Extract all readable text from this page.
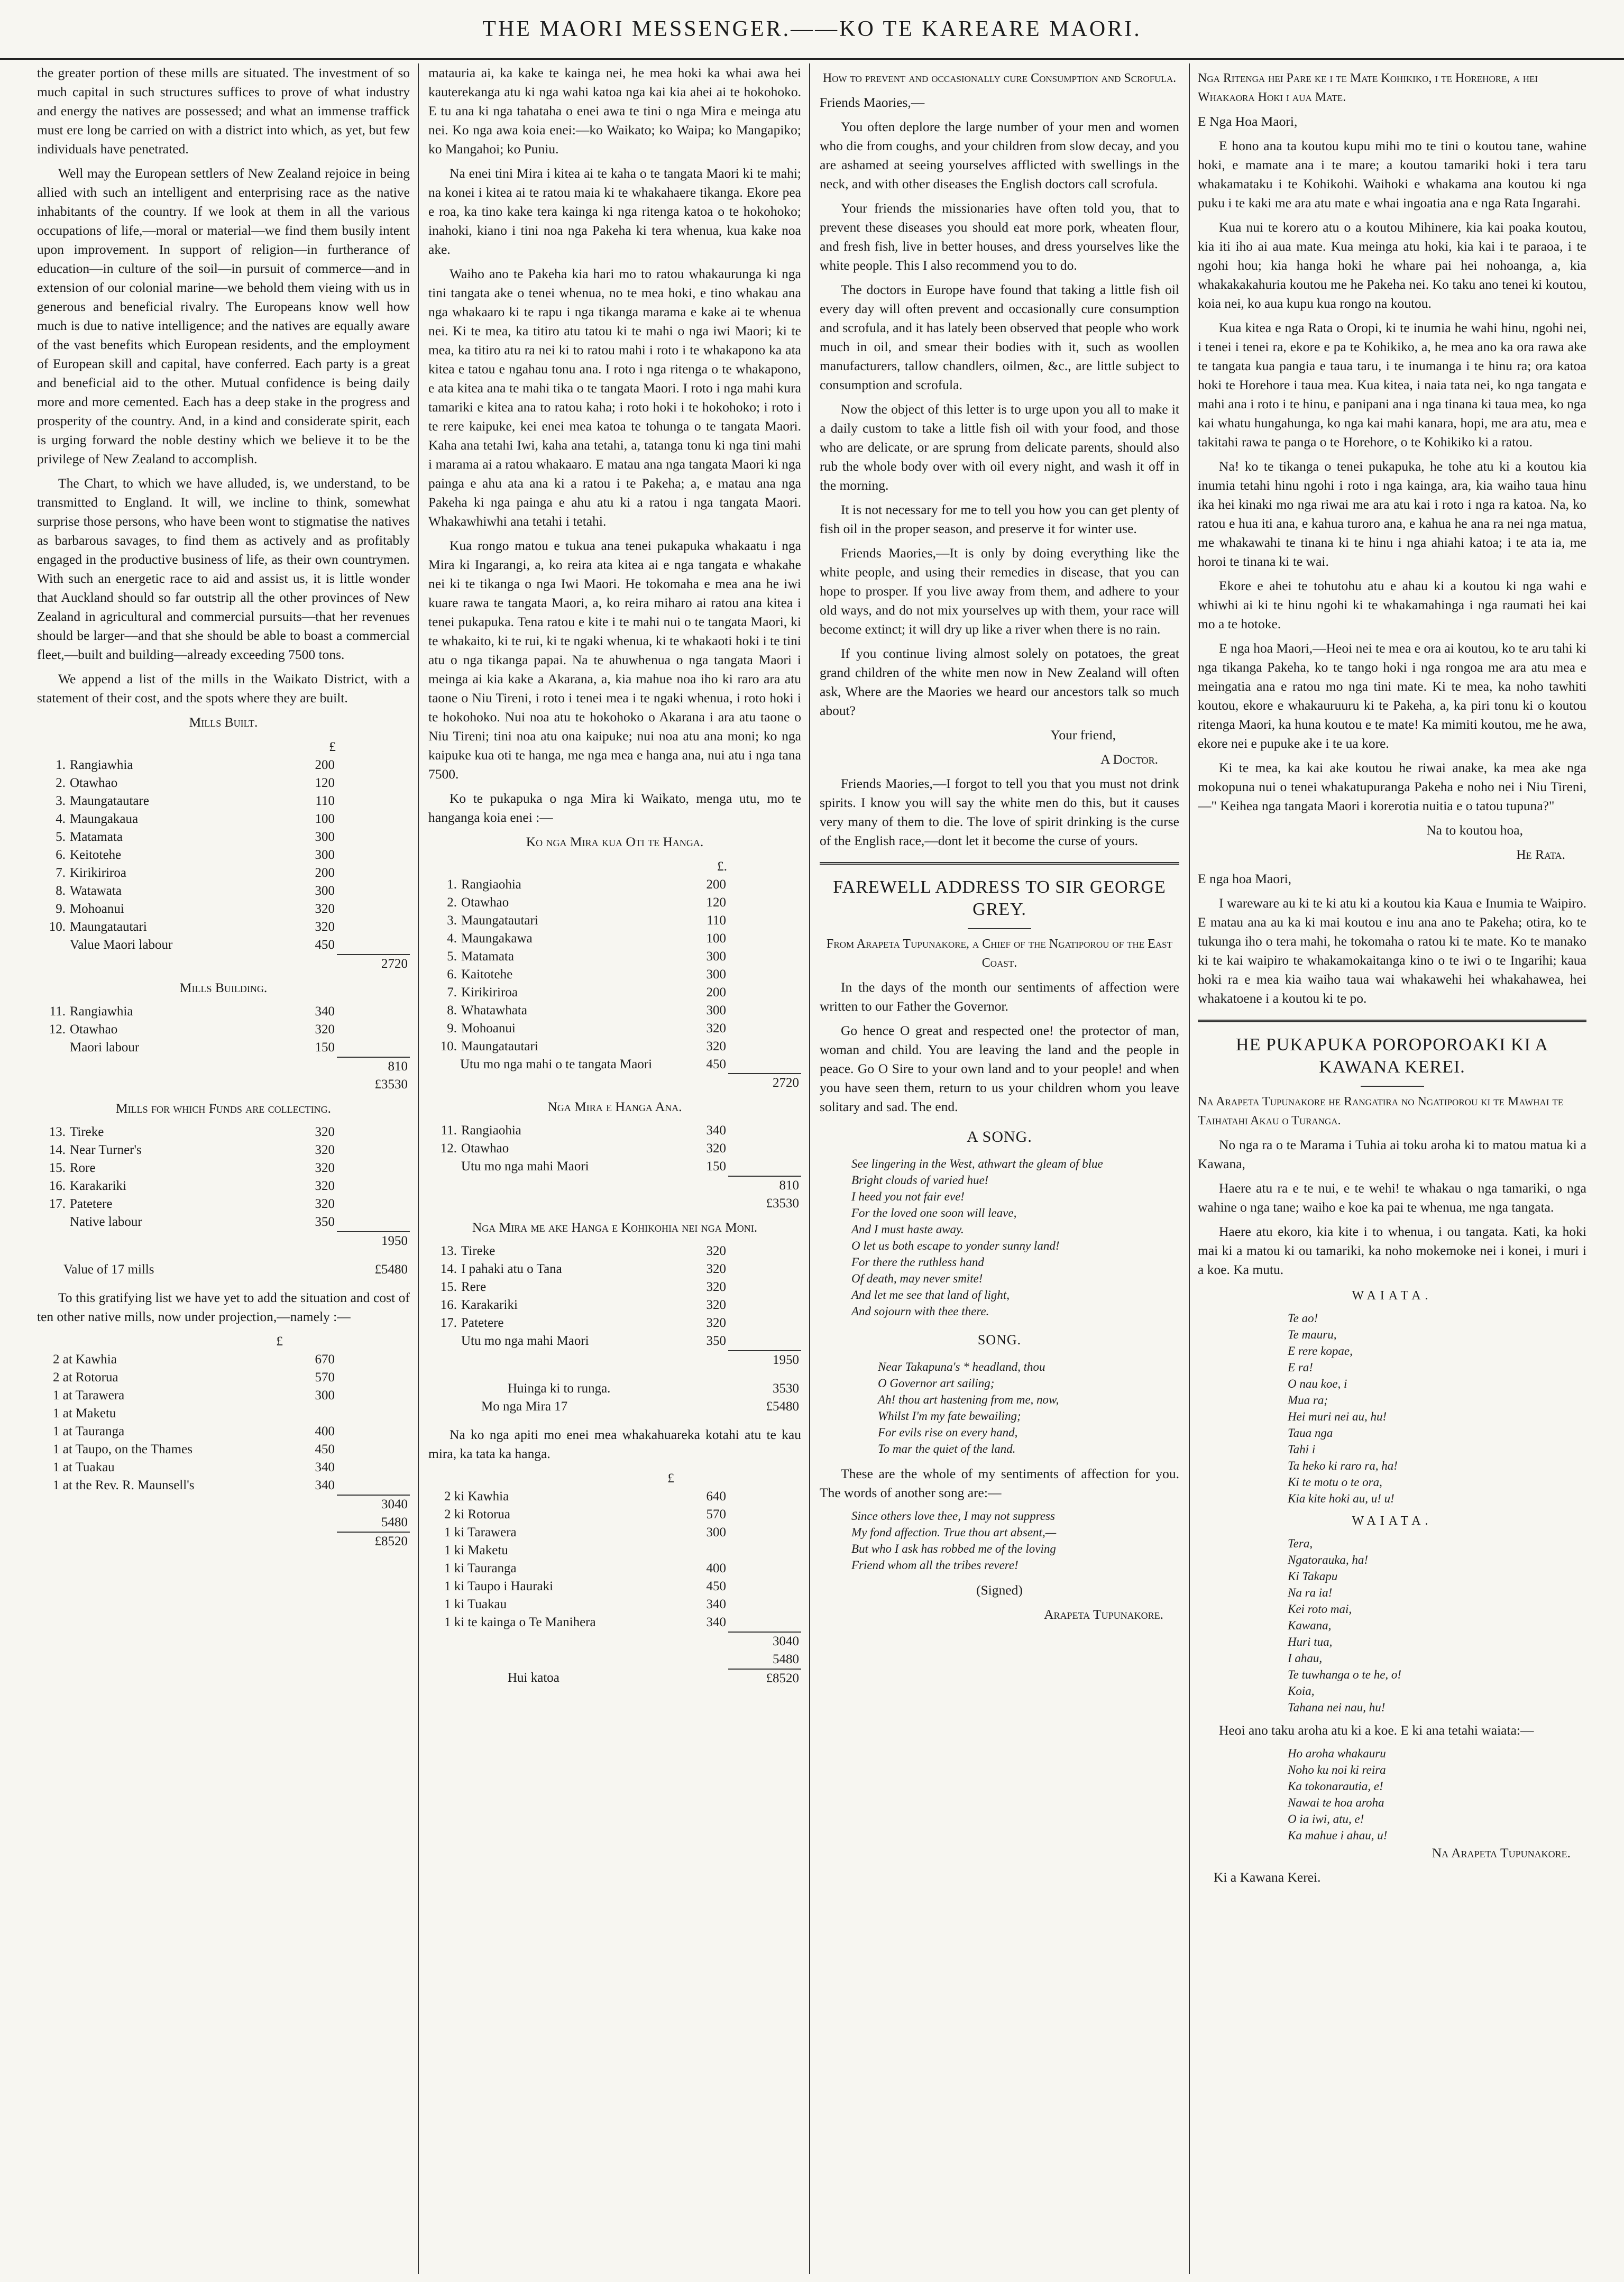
THE MAORI MESSENGER.——KO TE KAREARE MAORI.

the greater portion of these mills are situated. The investment of so much capital in such structures suffices to prove of what industry and energy the natives are possessed; and what an immense traffick must ere long be carried on with a district into which, as yet, but few individuals have penetrated.

Well may the European settlers of New Zealand rejoice in being allied with such an intelligent and enterprising race as the native inhabitants of the country. If we look at them in all the various occupations of life,—moral or material—we find them busily intent upon improvement. In support of religion—in furtherance of education—in culture of the soil—in pursuit of commerce—and in extension of our colonial marine—we behold them vieing with us in generous and beneficial rivalry. The Europeans know well how much is due to native intelligence; and the natives are equally aware of the vast benefits which European residents, and the employment of European skill and capital, have conferred. Each party is a great and beneficial aid to the other. Mutual confidence is being daily more and more cemented. Each has a deep stake in the progress and prosperity of the country. And, in a kind and considerate spirit, each is urging forward the noble destiny which we believe it to be the privilege of New Zealand to accomplish.

The Chart, to which we have alluded, is, we understand, to be transmitted to England. It will, we incline to think, somewhat surprise those persons, who have been wont to stigmatise the natives as barbarous savages, to find them as actively and as profitably engaged in the productive business of life, as their own countrymen. With such an energetic race to aid and assist us, it is little wonder that Auckland should so far outstrip all the other provinces of New Zealand in agricultural and commercial pursuits—that her revenues should be larger—and that she should be able to boast a commercial fleet,—built and building—already exceeding 7500 tons.

We append a list of the mills in the Waikato District, with a statement of their cost, and the spots where they are built.

Mills Built.
£
1.	Rangiawhia	200	
2.	Otawhao	120	
3.	Maungatautare	110	
4.	Maungakaua	100	
5.	Matamata	300	
6.	Keitotehe	300	
7.	Kirikiriroa	200	
8.	Watawata	300	
9.	Mohoanui	320	
10.	Maungatautari	320	
	Value Maori labour	450	
	2720
Mills Building.
11.	Rangiawhia	340	
12.	Otawhao	320	
	Maori labour	150	
	810
	£3530
Mills for which Funds are collecting.
13.	Tireke	320	
14.	Near Turner's	320	
15.	Rore	320	
16.	Karakariki	320	
17.	Patetere	320	
	Native labour	350	
	1950
Value of 17 mills	£5480

To this gratifying list we have yet to add the situation and cost of ten other native mills, now under projection,—namely :—

£
2 at Kawhia	670	
2 at Rotorua	570	
1 at Tarawera	300	
1 at Maketu		
1 at Tauranga	400	
1 at Taupo, on the Thames	450	
1 at Tuakau	340	
1 at the Rev. R. Maunsell's	340	
	3040
	5480
	£8520

matauria ai, ka kake te kainga nei, he mea hoki ka whai awa hei kauterekanga atu ki nga wahi katoa nga kai kia ahei ai te hokohoko. E tu ana ki nga tahataha o enei awa te tini o nga Mira e meinga atu nei. Ko nga awa koia enei:—ko Waikato; ko Waipa; ko Mangapiko; ko Mangahoi; ko Puniu.

Na enei tini Mira i kitea ai te kaha o te tangata Maori ki te mahi; na konei i kitea ai te ratou maia ki te whakahaere tikanga. Ekore pea e roa, ka tino kake tera kainga ki nga ritenga katoa o te hokohoko; inahoki, kiano i tini noa nga Pakeha ki tera whenua, kua kake noa ake.

Waiho ano te Pakeha kia hari mo to ratou whakaurunga ki nga tini tangata ake o tenei whenua, no te mea hoki, e tino whakau ana nga whakaaro ki te rapu i nga tikanga marama e kake ai te whenua nei. Ki te mea, ka titiro atu tatou ki te mahi o nga iwi Maori; ki te mea, ka titiro atu ra nei ki to ratou mahi i roto i te whakapono ka ata kitea e tatou e ngahau tonu ana. I roto i nga ritenga o te whakapono, e ata kitea ana te mahi tika o te tangata Maori. I roto i nga mahi kura tamariki e kitea ana to ratou kaha; i roto hoki i te hokohoko; i roto i te rere kaipuke, kei enei mea katoa te tohunga o te tangata Maori. Kaha ana tetahi Iwi, kaha ana tetahi, a, tatanga tonu ki nga tini mahi i marama ai a ratou whakaaro. E matau ana nga tangata Maori ki nga painga e ahu ata ana ki a ratou i te Pakeha; a, e matau ana nga Pakeha ki nga painga e ahu atu ki a ratou i nga tangata Maori. Whakawhiwhi ana tetahi i tetahi.

Kua rongo matou e tukua ana tenei pukapuka whakaatu i nga Mira ki Ingarangi, a, ko reira ata kitea ai e nga tangata e whakahe nei ki te tikanga o nga Iwi Maori. He tokomaha e mea ana he iwi kuare rawa te tangata Maori, a, ko reira miharo ai ratou ana kitea i tenei pukapuka. Tena ratou e kite i te mahi nui o te tangata Maori, ki te whakaito, ki te rui, ki te ngaki whenua, ki te whakaoti hoki i te tini atu o nga tikanga papai. Na te ahuwhenua o nga tangata Maori i meinga ai kia kake a Akarana, a, kia mahue noa iho ki raro ara atu taone o Niu Tireni, i roto i tenei mea i te ngaki whenua, i roto hoki i te hokohoko. Nui noa atu te hokohoko o Akarana i ara atu taone o Niu Tireni; tini noa atu ona kaipuke; nui noa atu ana moni; ko nga kaipuke kua oti te hanga, me nga mea e hanga ana, nui atu i nga tana 7500.

Ko te pukapuka o nga Mira ki Waikato, menga utu, mo te hanganga koia enei :—

Ko nga Mira kua Oti te Hanga.
£.
1.	Rangiaohia	200	
2.	Otawhao	120	
3.	Maungatautari	110	
4.	Maungakawa	100	
5.	Matamata	300	
6.	Kaitotehe	300	
7.	Kirikiriroa	200	
8.	Whatawhata	300	
9.	Mohoanui	320	
10.	Maungatautari	320	
Utu mo nga mahi o te tangata Maori	450	
		2720
Nga Mira e Hanga Ana.
11.	Rangiaohia	340	
12.	Otawhao	320	
	Utu mo nga mahi Maori	150	
	810
	£3530
Nga Mira me ake Hanga e Kohikohia nei nga Moni.
13.	Tireke	320	
14.	I pahaki atu o Tana	320	
15.	Rere	320	
16.	Karakariki	320	
17.	Patetere	320	
	Utu mo nga mahi Maori	350	
	1950
Huinga ki to runga.	3530
Mo nga Mira 17	£5480

Na ko nga apiti mo enei mea whakahuareka kotahi atu te kau mira, ka tata ka hanga.

£
2 ki Kawhia	640	
2 ki Rotorua	570	
1 ki Tarawera	300	
1 ki Maketu		
1 ki Tauranga	400	
1 ki Taupo i Hauraki	450	
1 ki Tuakau	340	
1 ki te kainga o Te Manihera	340	
	3040
	5480
Hui katoa	£8520
How to prevent and occasionally cure Consumption and Scrofula.

Friends Maories,—

You often deplore the large number of your men and women who die from coughs, and your children from slow decay, and you are ashamed at seeing yourselves afflicted with swellings in the neck, and with other diseases the English doctors call scrofula.

Your friends the missionaries have often told you, that to prevent these diseases you should eat more pork, wheaten flour, and fresh fish, live in better houses, and dress yourselves like the white people. This I also recommend you to do.

The doctors in Europe have found that taking a little fish oil every day will often prevent and occasionally cure consumption and scrofula, and it has lately been observed that people who work much in oil, and smear their bodies with it, such as woollen manufacturers, tallow chandlers, oilmen, &c., are little subject to consumption and scrofula.

Now the object of this letter is to urge upon you all to make it a daily custom to take a little fish oil with your food, and those who are delicate, or are sprung from delicate parents, should also rub the whole body over with oil every night, and wash it off in the morning.

It is not necessary for me to tell you how you can get plenty of fish oil in the proper season, and preserve it for winter use.

Friends Maories,—It is only by doing everything like the white people, and using their remedies in disease, that you can hope to prosper. If you live away from them, and adhere to your old ways, and do not mix yourselves up with them, your race will become extinct; it will dry up like a river when there is no rain.

If you continue living almost solely on potatoes, the great grand children of the white men now in New Zealand will often ask, Where are the Maories we heard our ancestors talk so much about?

Your friend,

A Doctor.

Friends Maories,—I forgot to tell you that you must not drink spirits. I know you will say the white men do this, but it causes very many of them to die. The love of spirit drinking is the curse of the English race,—dont let it become the curse of yours.

FAREWELL ADDRESS TO SIR GEORGE GREY.
From Arapeta Tupunakore, a Chief of the Ngatiporou of the East Coast.

In the days of the month our sentiments of affection were written to our Father the Governor.

Go hence O great and respected one! the protector of man, woman and child. You are leaving the land and the people in peace. Go O Sire to your own land and to your people! and when you have seen them, return to us your children whom you leave solitary and sad. The end.

A SONG.
See lingering in the West, athwart the gleam of blue
Bright clouds of varied hue!
I heed you not fair eve!
For the loved one soon will leave,
And I must haste away.
O let us both escape to yonder sunny land!
For there the ruthless hand
Of death, may never smite!
And let me see that land of light,
And sojourn with thee there.
SONG.
Near Takapuna's * headland, thou
O Governor art sailing;
Ah! thou art hastening from me, now,
Whilst I'm my fate bewailing;
For evils rise on every hand,
To mar the quiet of the land.

These are the whole of my sentiments of affection for you. The words of another song are:—

Since others love thee, I may not suppress
My fond affection. True thou art absent,—
But who I ask has robbed me of the loving
Friend whom all the tribes revere!

(Signed)

Arapeta Tupunakore.

Nga Ritenga hei Pare ke i te Mate Kohikiko, i te Horehore, a hei Whakaora Hoki i aua Mate.

E Nga Hoa Maori,

E hono ana ta koutou kupu mihi mo te tini o koutou tane, wahine hoki, e mamate ana i te mare; a koutou tamariki hoki i tera taru whakamataku i te Kohikohi. Waihoki e whakama ana koutou ki nga puku i te kaki me ara atu mate e whai ingoatia ana e nga Rata Ingarahi.

Kua nui te korero atu o a koutou Mihinere, kia kai poaka koutou, kia iti iho ai aua mate. Kua meinga atu hoki, kia kai i te paraoa, i te ngohi hou; kia hanga hoki he whare pai hei nohoanga, a, kia whakakakahuria koutou me he Pakeha nei. Ko taku ano tenei ki koutou, koia nei, ko aua kupu kua rongo na koutou.

Kua kitea e nga Rata o Oropi, ki te inumia he wahi hinu, ngohi nei, i tenei i tenei ra, ekore e pa te Kohikiko, a, he mea ano ka ora rawa ake te tangata kua pangia e taua taru, i te inumanga i te hinu ra; ora katoa hoki te Horehore i taua mea. Kua kitea, i naia tata nei, ko nga tangata e mahi ana i roto i te hinu, e panipani ana i nga tinana ki taua mea, ko nga kai whatu hungahunga, ko nga kai mahi kanara, hopi, me ara atu, mea e takitahi rawa te panga o te Horehore, o te Kohikiko ki a ratou.

Na! ko te tikanga o tenei pukapuka, he tohe atu ki a koutou kia inumia tetahi hinu ngohi i roto i nga kainga, ara, kia waiho taua hinu ika hei kinaki mo nga riwai me ara atu kai i roto i nga ra katoa. Na, ko ratou e hua iti ana, e kahua turoro ana, e kahua he ana ra nei nga matua, me whakawahi te tinana ki te hinu i nga ahiahi katoa; i te ata ia, me horoi te tinana ki te wai.

Ekore e ahei te tohutohu atu e ahau ki a koutou ki nga wahi e whiwhi ai ki te hinu ngohi ki te whakamahinga i nga raumati hei kai mo a te hotoke.

E nga hoa Maori,—Heoi nei te mea e ora ai koutou, ko te aru tahi ki nga tikanga Pakeha, ko te tango hoki i nga rongoa me ara atu mea e meingatia ana e ratou mo nga tini mate. Ki te mea, ka noho tawhiti koutou, ekore e whakauruuru ki te Pakeha, a, ka piri tonu ki o koutou ritenga Maori, ka huna koutou e te mate! Ka mimiti koutou, me he awa, ekore nei e pupuke ake i te ua kore.

Ki te mea, ka kai ake koutou he riwai anake, ka mea ake nga mokopuna nui o tenei whakatupuranga Pakeha e noho nei i Niu Tireni,—" Keihea nga tangata Maori i korerotia nuitia e o tatou tupuna?"

Na to koutou hoa,

He Rata.

E nga hoa Maori,

I wareware au ki te ki atu ki a koutou kia Kaua e Inumia te Waipiro. E matau ana au ka ki mai koutou e inu ana ano te Pakeha; otira, ko te tukunga iho o tera mahi, he tokomaha o ratou ki te mate. Ko te manako ki te kai waipiro te whakamokaitanga kino o te iwi o te Ingarihi; kaua hoki ra e mea kia waiho taua wai whakawehi hei whakahawea, hei whakatoene i a koutou ki te po.

HE PUKAPUKA POROPOROAKI KI A KAWANA KEREI.
Na Arapeta Tupunakore he Rangatira no Ngatiporou ki te Mawhai te Taihatahi Akau o Turanga.

No nga ra o te Marama i Tuhia ai toku aroha ki to matou matua ki a Kawana,

Haere atu ra e te nui, e te wehi! te whakau o nga tamariki, o nga wahine o nga tane; waiho e koe ka pai te whenua, me nga tangata.

Haere atu ekoro, kia kite i to whenua, i ou tangata. Kati, ka hoki mai ki a matou ki ou tamariki, ka noho mokemoke nei i konei, i muri i a koe. Ka mutu.

WAIATA.
Te ao!
Te mauru,
E rere kopae,
E ra!
O nau koe, i
Mua ra;
Hei muri nei au, hu!
Taua nga
Tahi i
Ta heko ki raro ra, ha!
Ki te motu o te ora,
Kia kite hoki au, u! u!
WAIATA.
Tera,
Ngatorauka, ha!
Ki Takapu
Na ra ia!
Kei roto mai,
Kawana,
Huri tua,
I ahau,
Te tuwhanga o te he, o!
Koia,
Tahana nei nau, hu!

Heoi ano taku aroha atu ki a koe. E ki ana tetahi waiata:—

Ho aroha whakauru
Noho ku noi ki reira
Ka tokonarautia, e!
Nawai te hoa aroha
O ia iwi, atu, e!
Ka mahue i ahau, u!

Na Arapeta Tupunakore.

Ki a Kawana Kerei.
